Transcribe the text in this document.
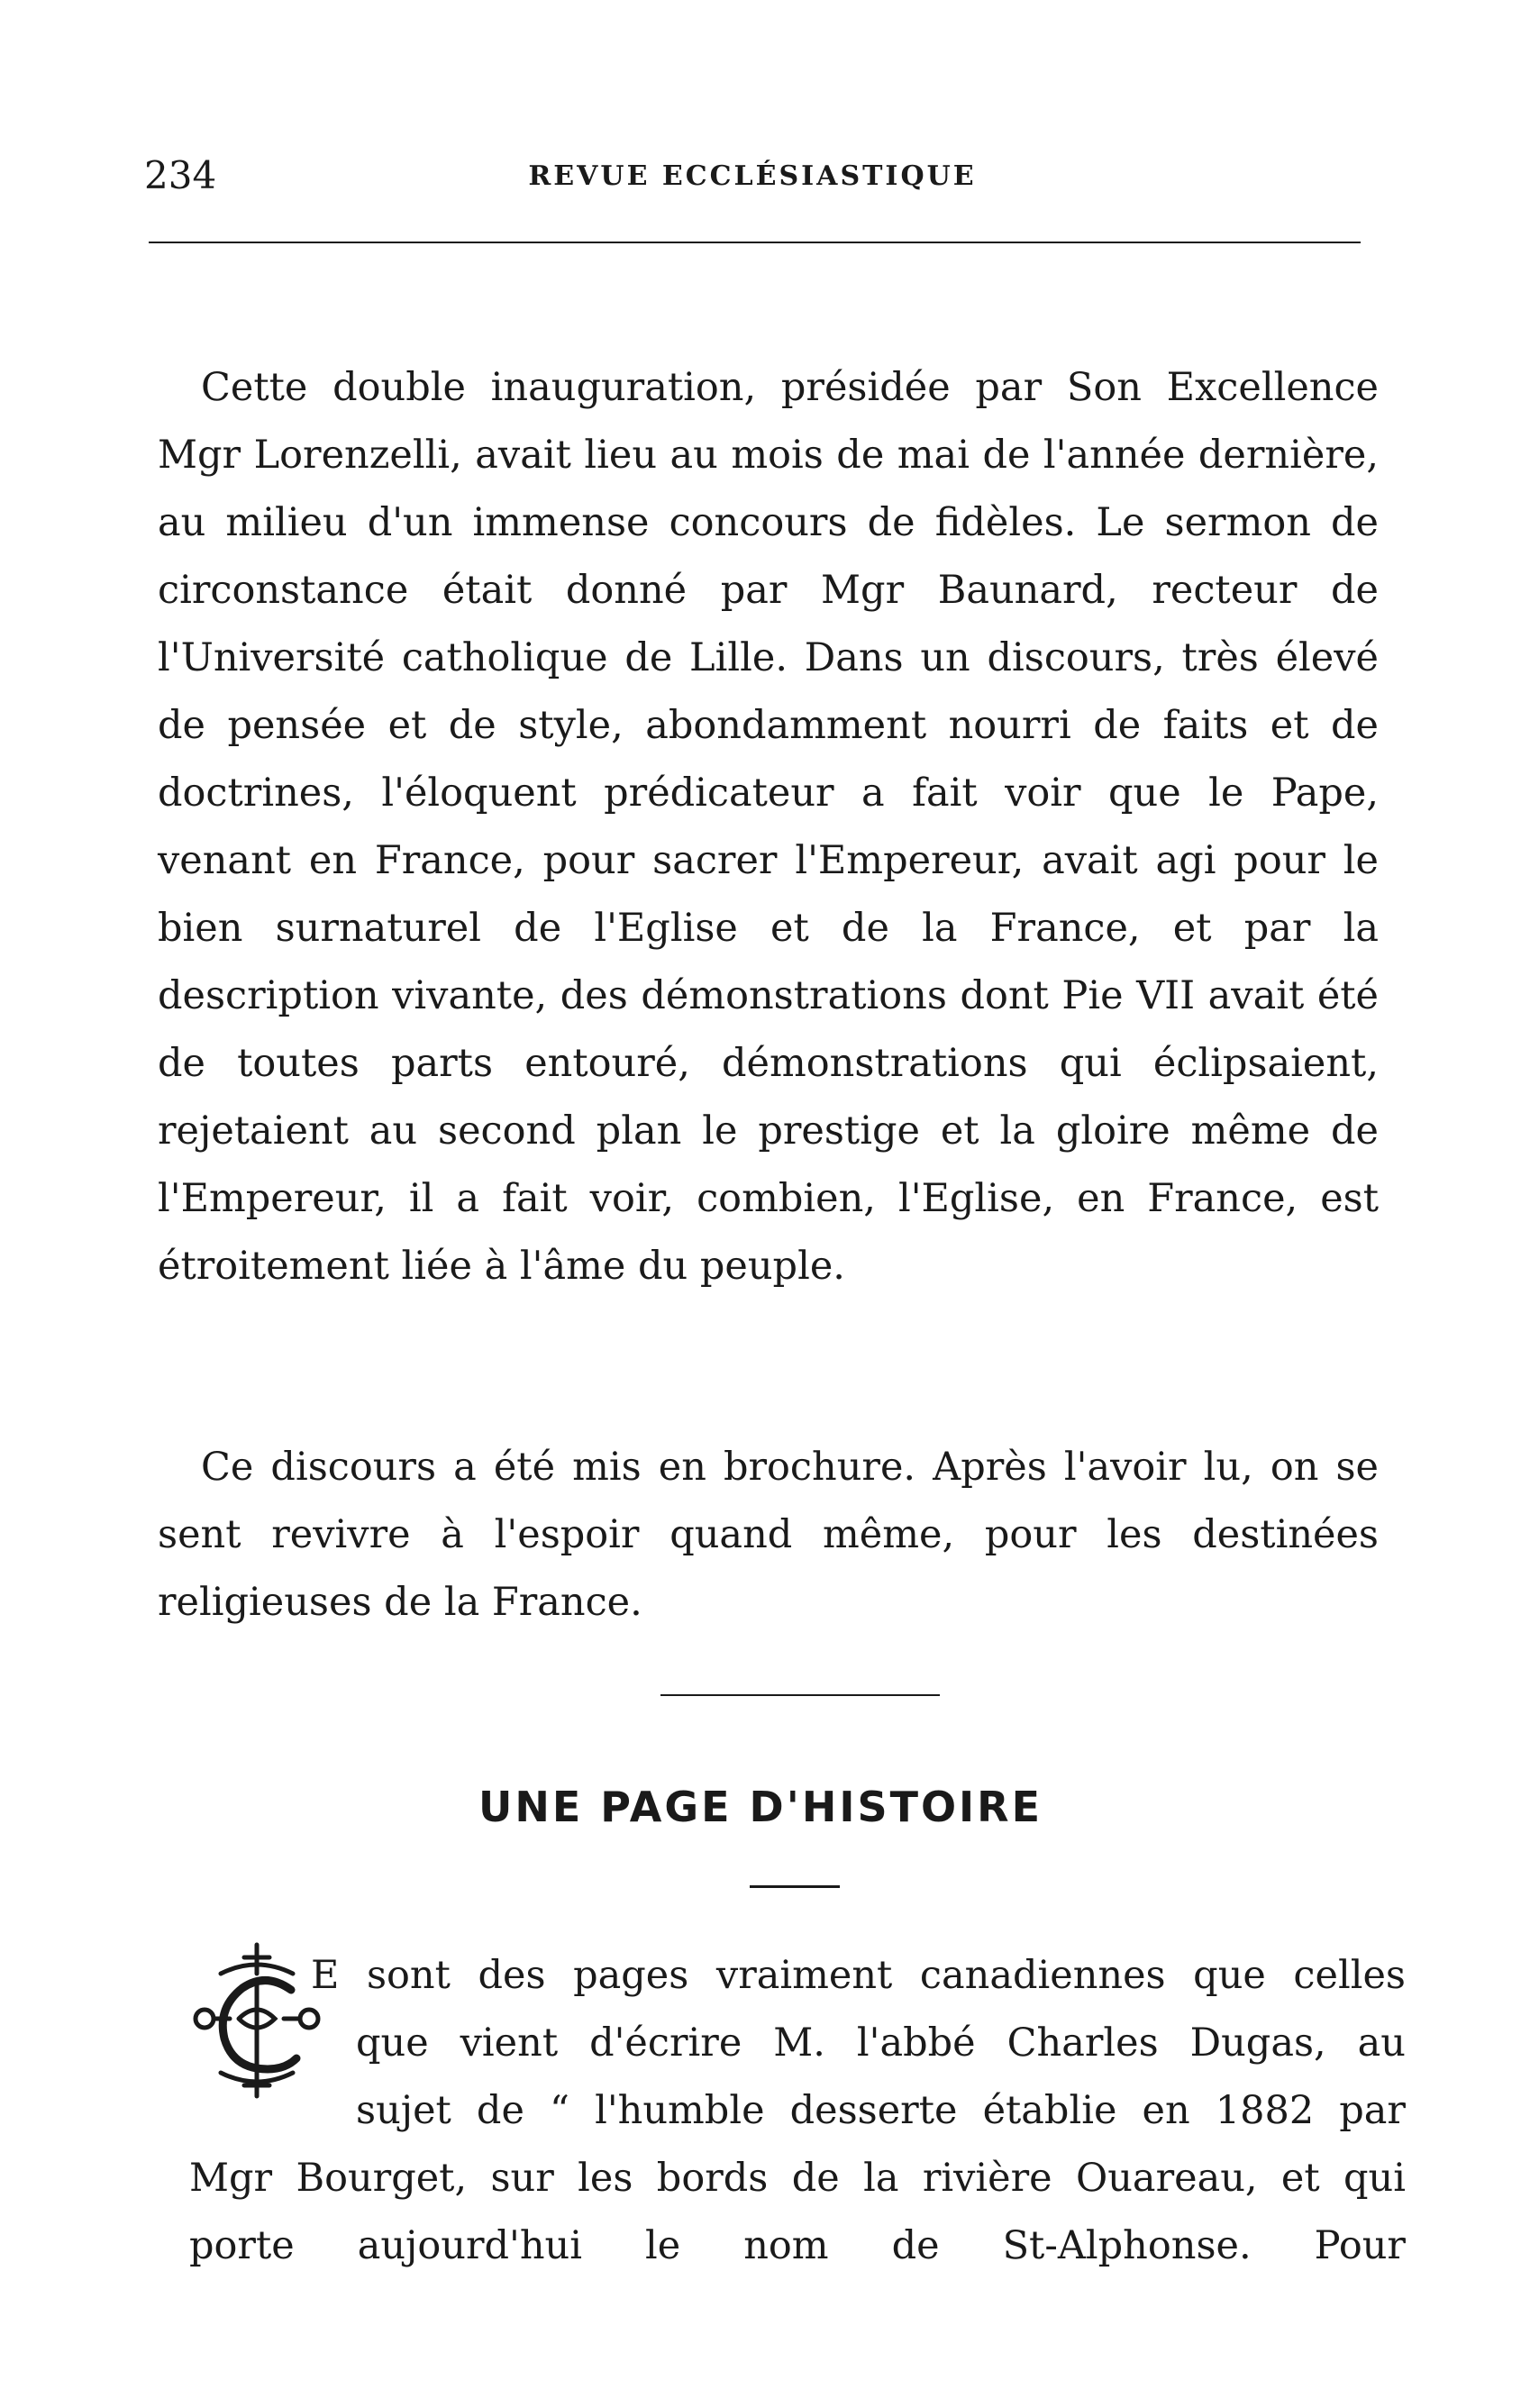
234	REVUE ECCLÉSIASTIQUE

Cette double inauguration, présidée par Son Excellence Mgr Lorenzelli, avait lieu au mois de mai de l'année dernière, au milieu d'un immense concours de fidèles. Le sermon de circonstance était donné par Mgr Baunard, recteur de l'Université catholique de Lille. Dans un discours, très élevé de pensée et de style, abondamment nourri de faits et de doctrines, l'éloquent prédicateur a fait voir que le Pape, venant en France, pour sacrer l'Empereur, avait agi pour le bien surnaturel de l'Eglise et de la France, et par la description vivante, des démonstrations dont Pie VII avait été de toutes parts entouré, démonstrations qui éclipsaient, rejetaient au second plan le prestige et la gloire même de l'Empereur, il a fait voir, combien, l'Eglise, en France, est étroitement liée à l'âme du peuple.

Ce discours a été mis en brochure. Après l'avoir lu, on se sent revivre à l'espoir quand même, pour les destinées religieuses de la France.

UNE PAGE D'HISTOIRE
E sont des pages vraiment canadiennes que celles
que vient d'écrire M. l'abbé Charles Dugas, au
sujet de “ l'humble desserte établie en 1882 par

Mgr Bourget, sur les bords de la rivière Ouareau, et qui porte aujourd'hui le nom de St-Alphonse. Pour
